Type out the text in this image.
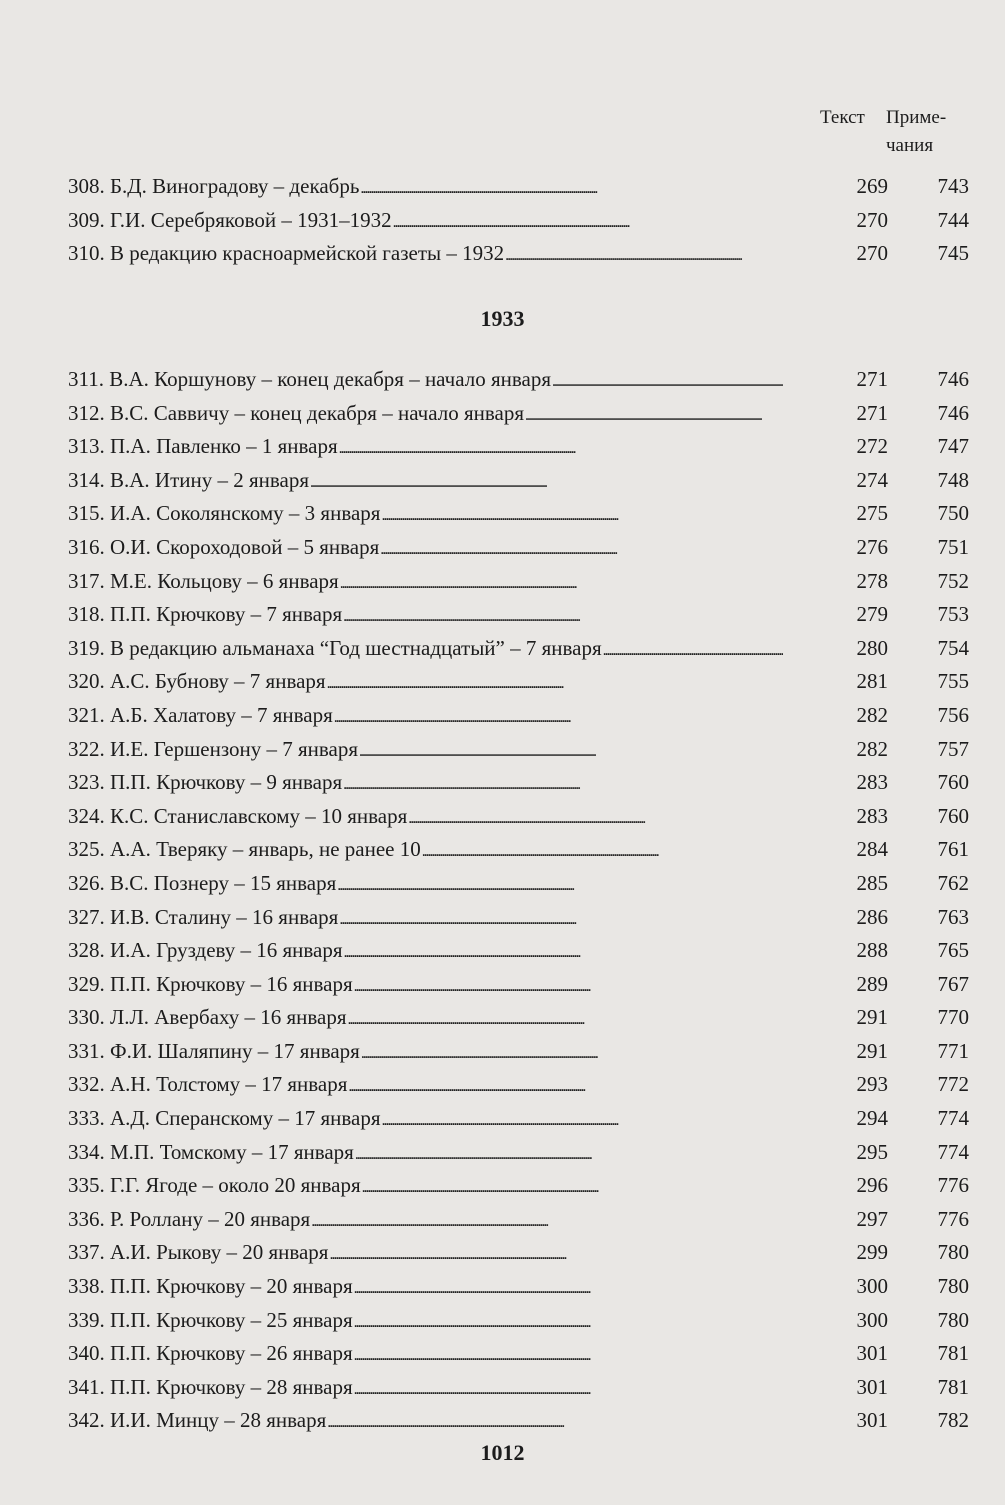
Текст Приме-
чания
308. Б.Д. Виноградову – декабрь . . .	269	743
309. Г.И. Серебряковой – 1931–1932 . . .	270	744
310. В редакцию красноармейской газеты – 1932 . . .	270	745
1933
311. В.А. Коршунову – конец декабря – начало января . . .	271	746
312. В.С. Саввичу – конец декабря – начало января . . .	271	746
313. П.А. Павленко – 1 января . . .	272	747
314. В.А. Итину – 2 января . . .	274	748
315. И.А. Соколянскому – 3 января . . .	275	750
316. О.И. Скороходовой – 5 января . . .	276	751
317. М.Е. Кольцову – 6 января . . .	278	752
318. П.П. Крючкову – 7 января . . .	279	753
319. В редакцию альманаха “Год шестнадцатый” – 7 января . . .	280	754
320. А.С. Бубнову – 7 января . . .	281	755
321. А.Б. Халатову – 7 января . . .	282	756
322. И.Е. Гершензону – 7 января . . .	282	757
323. П.П. Крючкову – 9 января . . .	283	760
324. К.С. Станиславскому – 10 января . . .	283	760
325. А.А. Тверяку – январь, не ранее 10 . . .	284	761
326. В.С. Познеру – 15 января . . .	285	762
327. И.В. Сталину – 16 января . . .	286	763
328. И.А. Груздеву – 16 января . . .	288	765
329. П.П. Крючкову – 16 января . . .	289	767
330. Л.Л. Авербаху – 16 января . . .	291	770
331. Ф.И. Шаляпину – 17 января . . .	291	771
332. А.Н. Толстому – 17 января . . .	293	772
333. А.Д. Сперанскому – 17 января . . .	294	774
334. М.П. Томскому – 17 января . . .	295	774
335. Г.Г. Ягоде – около 20 января . . .	296	776
336. Р. Роллану – 20 января . . .	297	776
337. А.И. Рыкову – 20 января . . .	299	780
338. П.П. Крючкову – 20 января . . .	300	780
339. П.П. Крючкову – 25 января . . .	300	780
340. П.П. Крючкову – 26 января . . .	301	781
341. П.П. Крючкову – 28 января . . .	301	781
342. И.И. Минцу – 28 января . . .	301	782
1012
